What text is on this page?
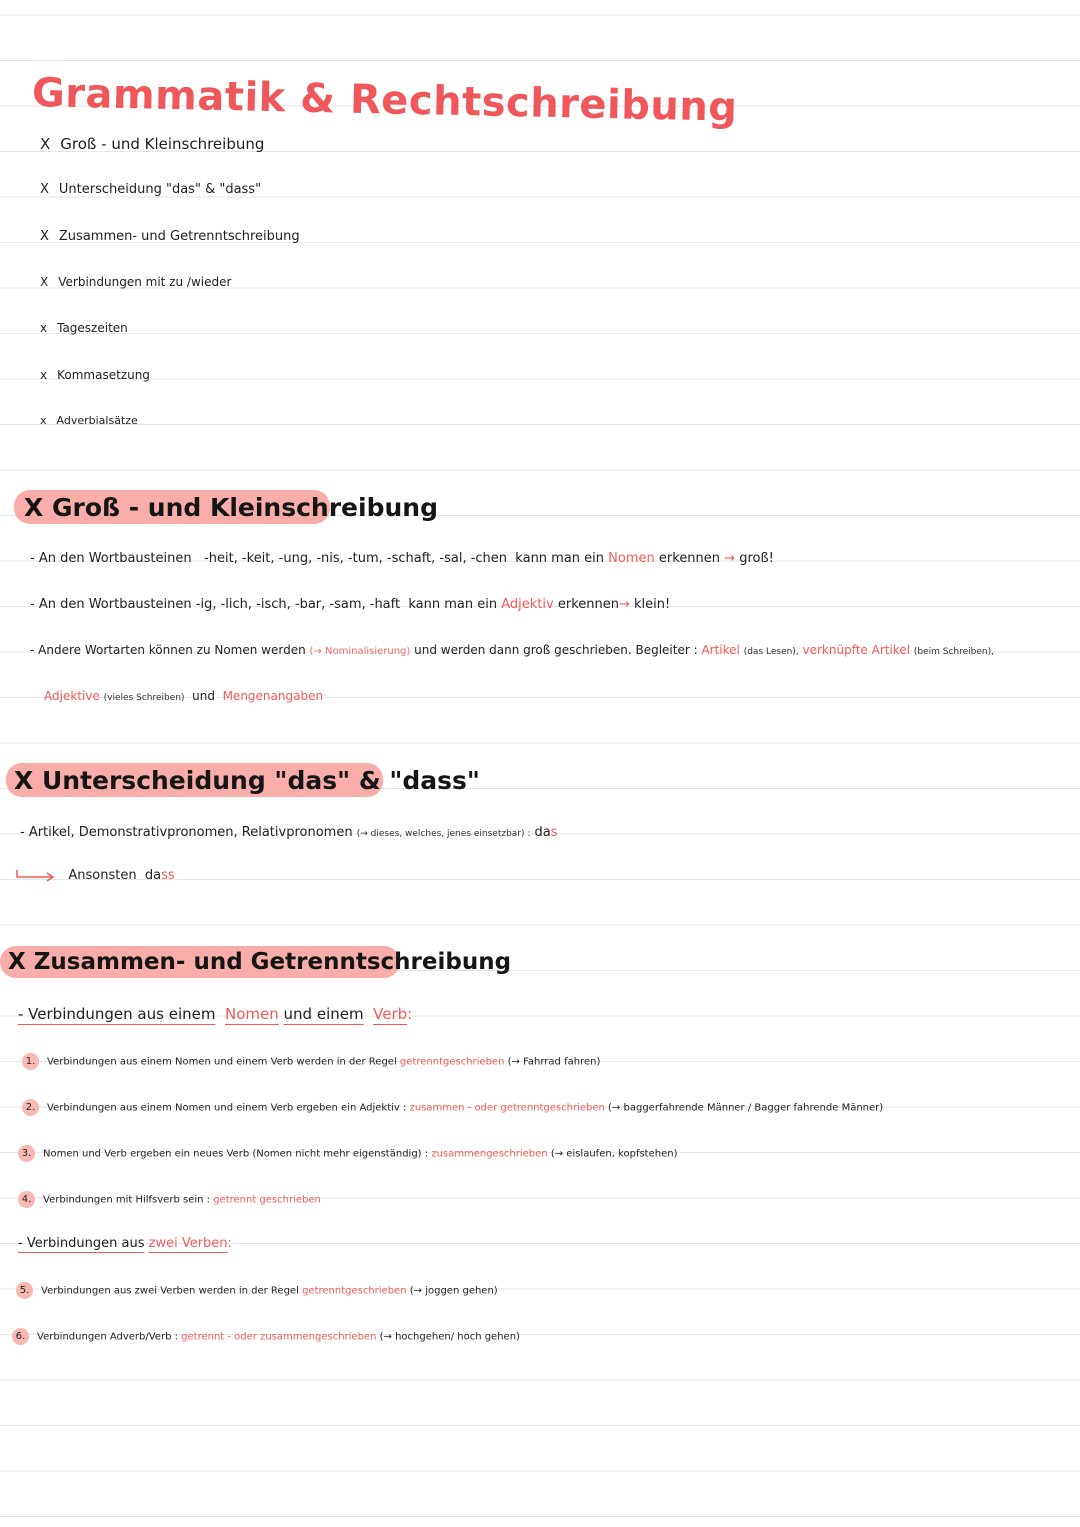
Grammatik & Rechtschreibung
X Groß - und Kleinschreibung
X Unterscheidung "das" & "dass"
X Zusammen- und Getrenntschreibung
X Verbindungen mit zu /wieder
x Tageszeiten
x Kommasetzung
x Adverbialsätze
X Groß - und Kleinschreibung
- An den Wortbausteinen -heit, -keit, -ung, -nis, -tum, -schaft, -sal, -chen kann man ein Nomen erkennen → groß!
- An den Wortbausteinen -ig, -lich, -isch, -bar, -sam, -haft kann man ein Adjektiv erkennen→ klein!
- Andere Wortarten können zu Nomen werden (→ Nominalisierung) und werden dann groß geschrieben. Begleiter : Artikel (das Lesen), verknüpfte Artikel (beim Schreiben),
Adjektive (vieles Schreiben) und Mengenangaben
X Unterscheidung "das" & "dass"
- Artikel, Demonstrativpronomen, Relativpronomen (→ dieses, welches, jenes einsetzbar) : das
Ansonsten dass
X Zusammen- und Getrenntschreibung
- Verbindungen aus einem Nomen und einem Verb:
1. Verbindungen aus einem Nomen und einem Verb werden in der Regel getrenntgeschrieben (→ Fahrrad fahren)
2. Verbindungen aus einem Nomen und einem Verb ergeben ein Adjektiv : zusammen - oder getrenntgeschrieben (→ baggerfahrende Männer / Bagger fahrende Männer)
3. Nomen und Verb ergeben ein neues Verb (Nomen nicht mehr eigenständig) : zusammengeschrieben (→ eislaufen, kopfstehen)
4. Verbindungen mit Hilfsverb sein : getrennt geschrieben
- Verbindungen aus zwei Verben:
5. Verbindungen aus zwei Verben werden in der Regel getrenntgeschrieben (→ joggen gehen)
6. Verbindungen Adverb/Verb : getrennt - oder zusammengeschrieben (→ hochgehen/ hoch gehen)
